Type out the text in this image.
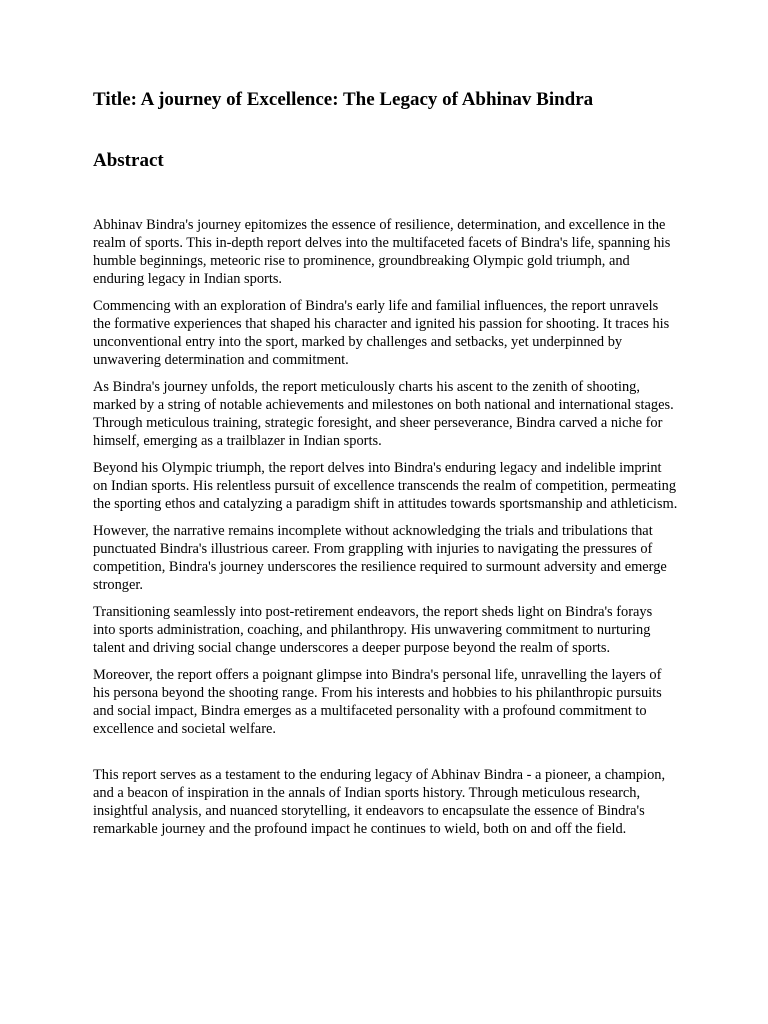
Title: A journey of Excellence: The Legacy of Abhinav Bindra
Abstract

Abhinav Bindra's journey epitomizes the essence of resilience, determination, and excellence in the realm of sports. This in-depth report delves into the multifaceted facets of Bindra's life, spanning his humble beginnings, meteoric rise to prominence, groundbreaking Olympic gold triumph, and enduring legacy in Indian sports.

Commencing with an exploration of Bindra's early life and familial influences, the report unravels the formative experiences that shaped his character and ignited his passion for shooting. It traces his unconventional entry into the sport, marked by challenges and setbacks, yet underpinned by unwavering determination and commitment.

As Bindra's journey unfolds, the report meticulously charts his ascent to the zenith of shooting, marked by a string of notable achievements and milestones on both national and international stages. Through meticulous training, strategic foresight, and sheer perseverance, Bindra carved a niche for himself, emerging as a trailblazer in Indian sports.

Beyond his Olympic triumph, the report delves into Bindra's enduring legacy and indelible imprint on Indian sports. His relentless pursuit of excellence transcends the realm of competition, permeating the sporting ethos and catalyzing a paradigm shift in attitudes towards sportsmanship and athleticism.

However, the narrative remains incomplete without acknowledging the trials and tribulations that punctuated Bindra's illustrious career. From grappling with injuries to navigating the pressures of competition, Bindra's journey underscores the resilience required to surmount adversity and emerge stronger.

Transitioning seamlessly into post-retirement endeavors, the report sheds light on Bindra's forays into sports administration, coaching, and philanthropy. His unwavering commitment to nurturing talent and driving social change underscores a deeper purpose beyond the realm of sports.

Moreover, the report offers a poignant glimpse into Bindra's personal life, unravelling the layers of his persona beyond the shooting range. From his interests and hobbies to his philanthropic pursuits and social impact, Bindra emerges as a multifaceted personality with a profound commitment to excellence and societal welfare.

This report serves as a testament to the enduring legacy of Abhinav Bindra - a pioneer, a champion, and a beacon of inspiration in the annals of Indian sports history. Through meticulous research, insightful analysis, and nuanced storytelling, it endeavors to encapsulate the essence of Bindra's remarkable journey and the profound impact he continues to wield, both on and off the field.
